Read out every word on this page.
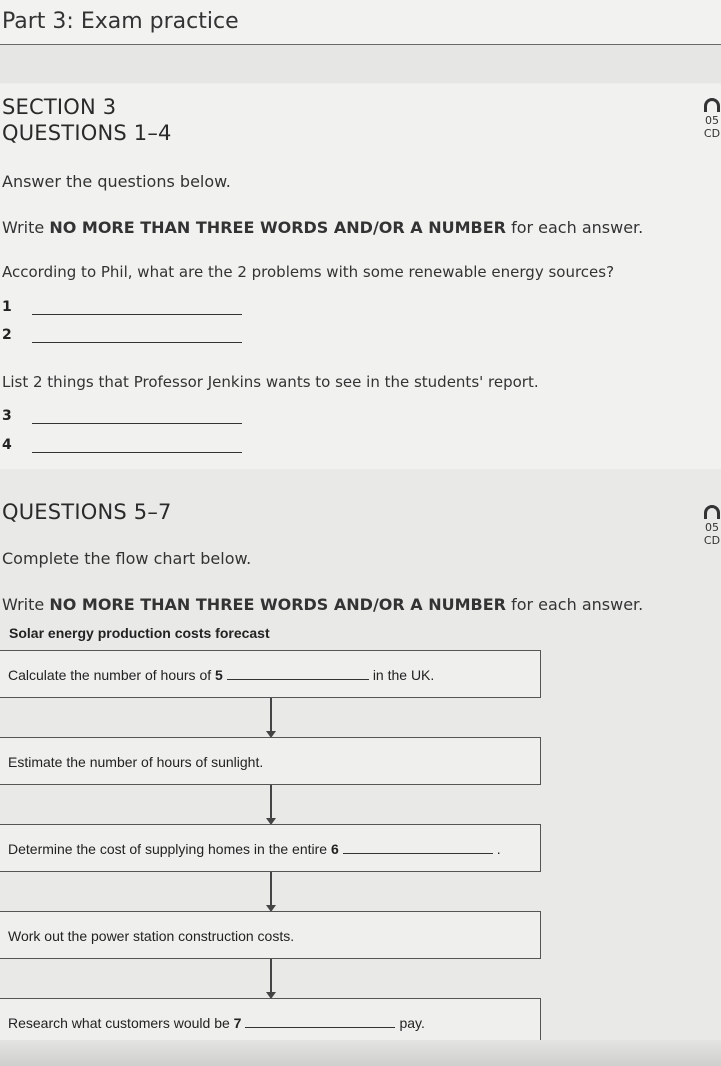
Part 3: Exam practice
SECTION 3
QUESTIONS 1–4
05
CD
Answer the questions below.
Write NO MORE THAN THREE WORDS AND/OR A NUMBER for each answer.
According to Phil, what are the 2 problems with some renewable energy sources?
1
2
List 2 things that Professor Jenkins wants to see in the students' report.
3
4
QUESTIONS 5–7
05
CD
Complete the flow chart below.
Write NO MORE THAN THREE WORDS AND/OR A NUMBER for each answer.
Solar energy production costs forecast
Calculate the number of hours of 5	in the UK.
Estimate the number of hours of sunlight.
Determine the cost of supplying homes in the entire 6	.
Work out the power station construction costs.
Research what customers would be 7	pay.
